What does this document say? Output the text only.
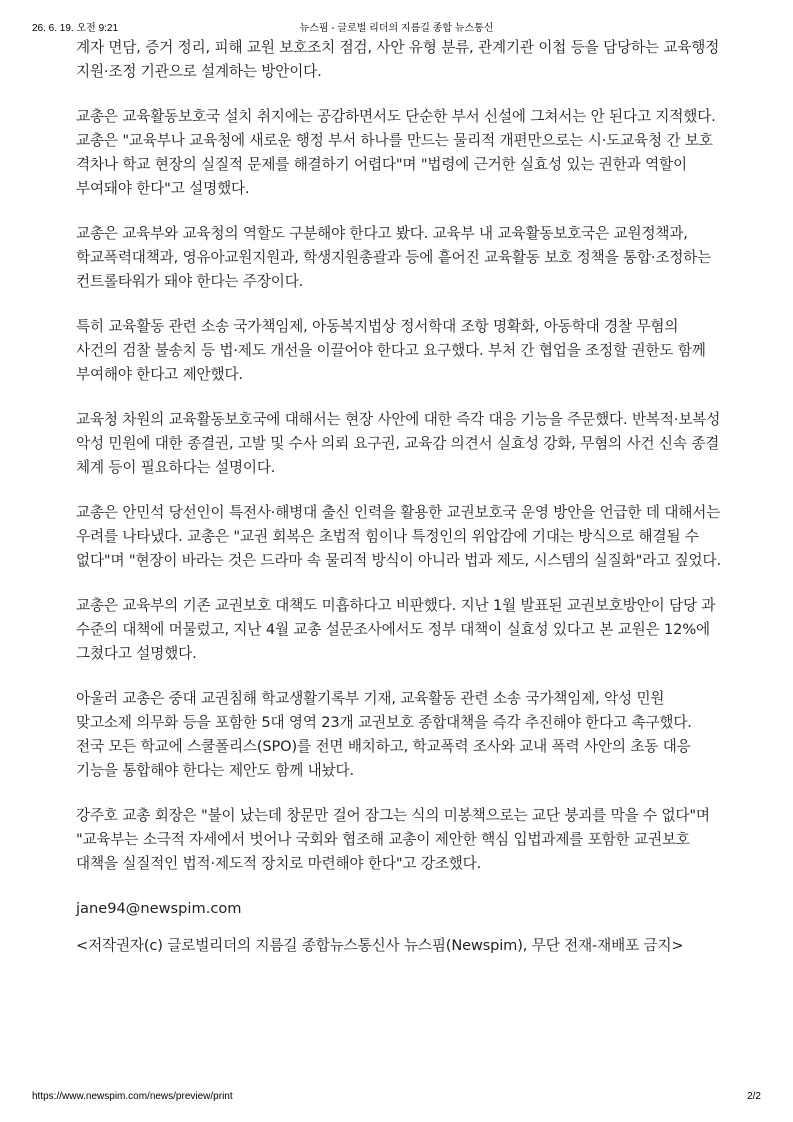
26. 6. 19. 오전 9:21	뉴스핌 - 글로벌 리더의 지름길 종합 뉴스통신

계자 면담, 증거 정리, 피해 교원 보호조치 점검, 사안 유형 분류, 관계기관 이첩 등을 담당하는 교육행정 지원·조정 기관으로 설계하는 방안이다.

교총은 교육활동보호국 설치 취지에는 공감하면서도 단순한 부서 신설에 그쳐서는 안 된다고 지적했다. 교총은 "교육부나 교육청에 새로운 행정 부서 하나를 만드는 물리적 개편만으로는 시·도교육청 간 보호 격차나 학교 현장의 실질적 문제를 해결하기 어렵다"며 "법령에 근거한 실효성 있는 권한과 역할이 부여돼야 한다"고 설명했다.

교총은 교육부와 교육청의 역할도 구분해야 한다고 봤다. 교육부 내 교육활동보호국은 교원정책과, 학교폭력대책과, 영유아교원지원과, 학생지원총괄과 등에 흩어진 교육활동 보호 정책을 통합·조정하는 컨트롤타워가 돼야 한다는 주장이다.

특히 교육활동 관련 소송 국가책임제, 아동복지법상 정서학대 조항 명확화, 아동학대 경찰 무혐의 사건의 검찰 불송치 등 법·제도 개선을 이끌어야 한다고 요구했다. 부처 간 협업을 조정할 권한도 함께 부여해야 한다고 제안했다.

교육청 차원의 교육활동보호국에 대해서는 현장 사안에 대한 즉각 대응 기능을 주문했다. 반복적·보복성 악성 민원에 대한 종결권, 고발 및 수사 의뢰 요구권, 교육감 의견서 실효성 강화, 무혐의 사건 신속 종결 체계 등이 필요하다는 설명이다.

교총은 안민석 당선인이 특전사·해병대 출신 인력을 활용한 교권보호국 운영 방안을 언급한 데 대해서는 우려를 나타냈다. 교총은 "교권 회복은 초법적 힘이나 특정인의 위압감에 기대는 방식으로 해결될 수 없다"며 "현장이 바라는 것은 드라마 속 물리적 방식이 아니라 법과 제도, 시스템의 실질화"라고 짚었다.

교총은 교육부의 기존 교권보호 대책도 미흡하다고 비판했다. 지난 1월 발표된 교권보호방안이 담당 과 수준의 대책에 머물렀고, 지난 4월 교총 설문조사에서도 정부 대책이 실효성 있다고 본 교원은 12%에 그쳤다고 설명했다.

아울러 교총은 중대 교권침해 학교생활기록부 기재, 교육활동 관련 소송 국가책임제, 악성 민원 맞고소제 의무화 등을 포함한 5대 영역 23개 교권보호 종합대책을 즉각 추진해야 한다고 촉구했다. 전국 모든 학교에 스쿨폴리스(SPO)를 전면 배치하고, 학교폭력 조사와 교내 폭력 사안의 초동 대응 기능을 통합해야 한다는 제안도 함께 내놨다.

강주호 교총 회장은 "불이 났는데 창문만 걸어 잠그는 식의 미봉책으로는 교단 붕괴를 막을 수 없다"며 "교육부는 소극적 자세에서 벗어나 국회와 협조해 교총이 제안한 핵심 입법과제를 포함한 교권보호 대책을 실질적인 법적·제도적 장치로 마련해야 한다"고 강조했다.

jane94@newspim.com

<저작권자(c) 글로벌리더의 지름길 종합뉴스통신사 뉴스핌(Newspim), 무단 전재-재배포 금지>

https://www.newspim.com/news/preview/print	2/2
